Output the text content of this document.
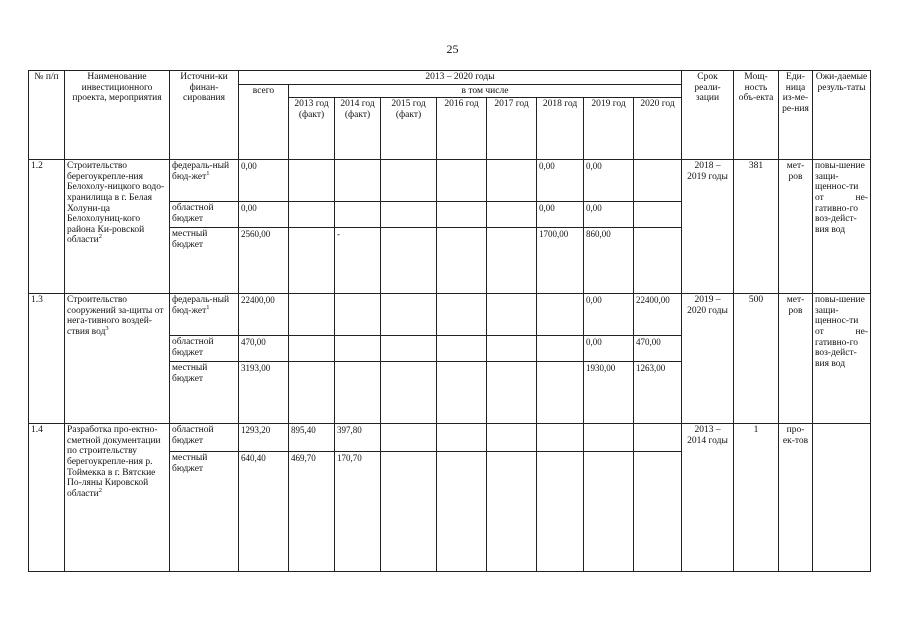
25
№ п/п	Наименование инвестиционного проекта, мероприятия	Источни-ки финан-сирования	2013 – 2020 годы									Срок реали-зации	Мощ-ность объ-екта	Еди-ница из-ме-ре-ния	Ожи-даемые резуль-таты
			всего	в том числе											
				2013 год (факт)	2014 год (факт)	2015 год (факт)	2016 год	2017 год	2018 год	2019 год	2020 год				
1.2	Строительство берегоукрепле-ния Белохолу-ницкого водо-хранилища в г. Белая Холуни-ца Белохолуниц-кого района Ки-ровской области$^2$	федераль-ный бюд-жет$^1$	0,00						0,00	0,00		2018 – 2019 годы	381	мет-ров	повы-шение защи-щеннос-ти от не-гативно-го воз-дейст-вия вод
		областной бюджет	0,00						0,00	0,00					
		местный бюджет	2560,00		-				1700,00	860,00					
1.3	Строительство сооружений за-щиты от нега-тивного воздей-ствия вод$^3$	федераль-ный бюд-жет$^1$	22400,00							0,00	22400,00	2019 – 2020 годы	500	мет-ров	повы-шение защи-щеннос-ти от не-гативно-го воз-дейст-вия вод
		областной бюджет	470,00							0,00	470,00				
		местный бюджет	3193,00							1930,00	1263,00				
1.4	Разработка про-ектно-сметной документации по строительству берегоукрепле-ния р. Тоймекка в г. Вятские По-ляны Кировской области$^2$	областной бюджет	1293,20	895,40	397,80							2013 – 2014 годы	1	про-ек-тов	
		местный бюджет	640,40	469,70	170,70										
